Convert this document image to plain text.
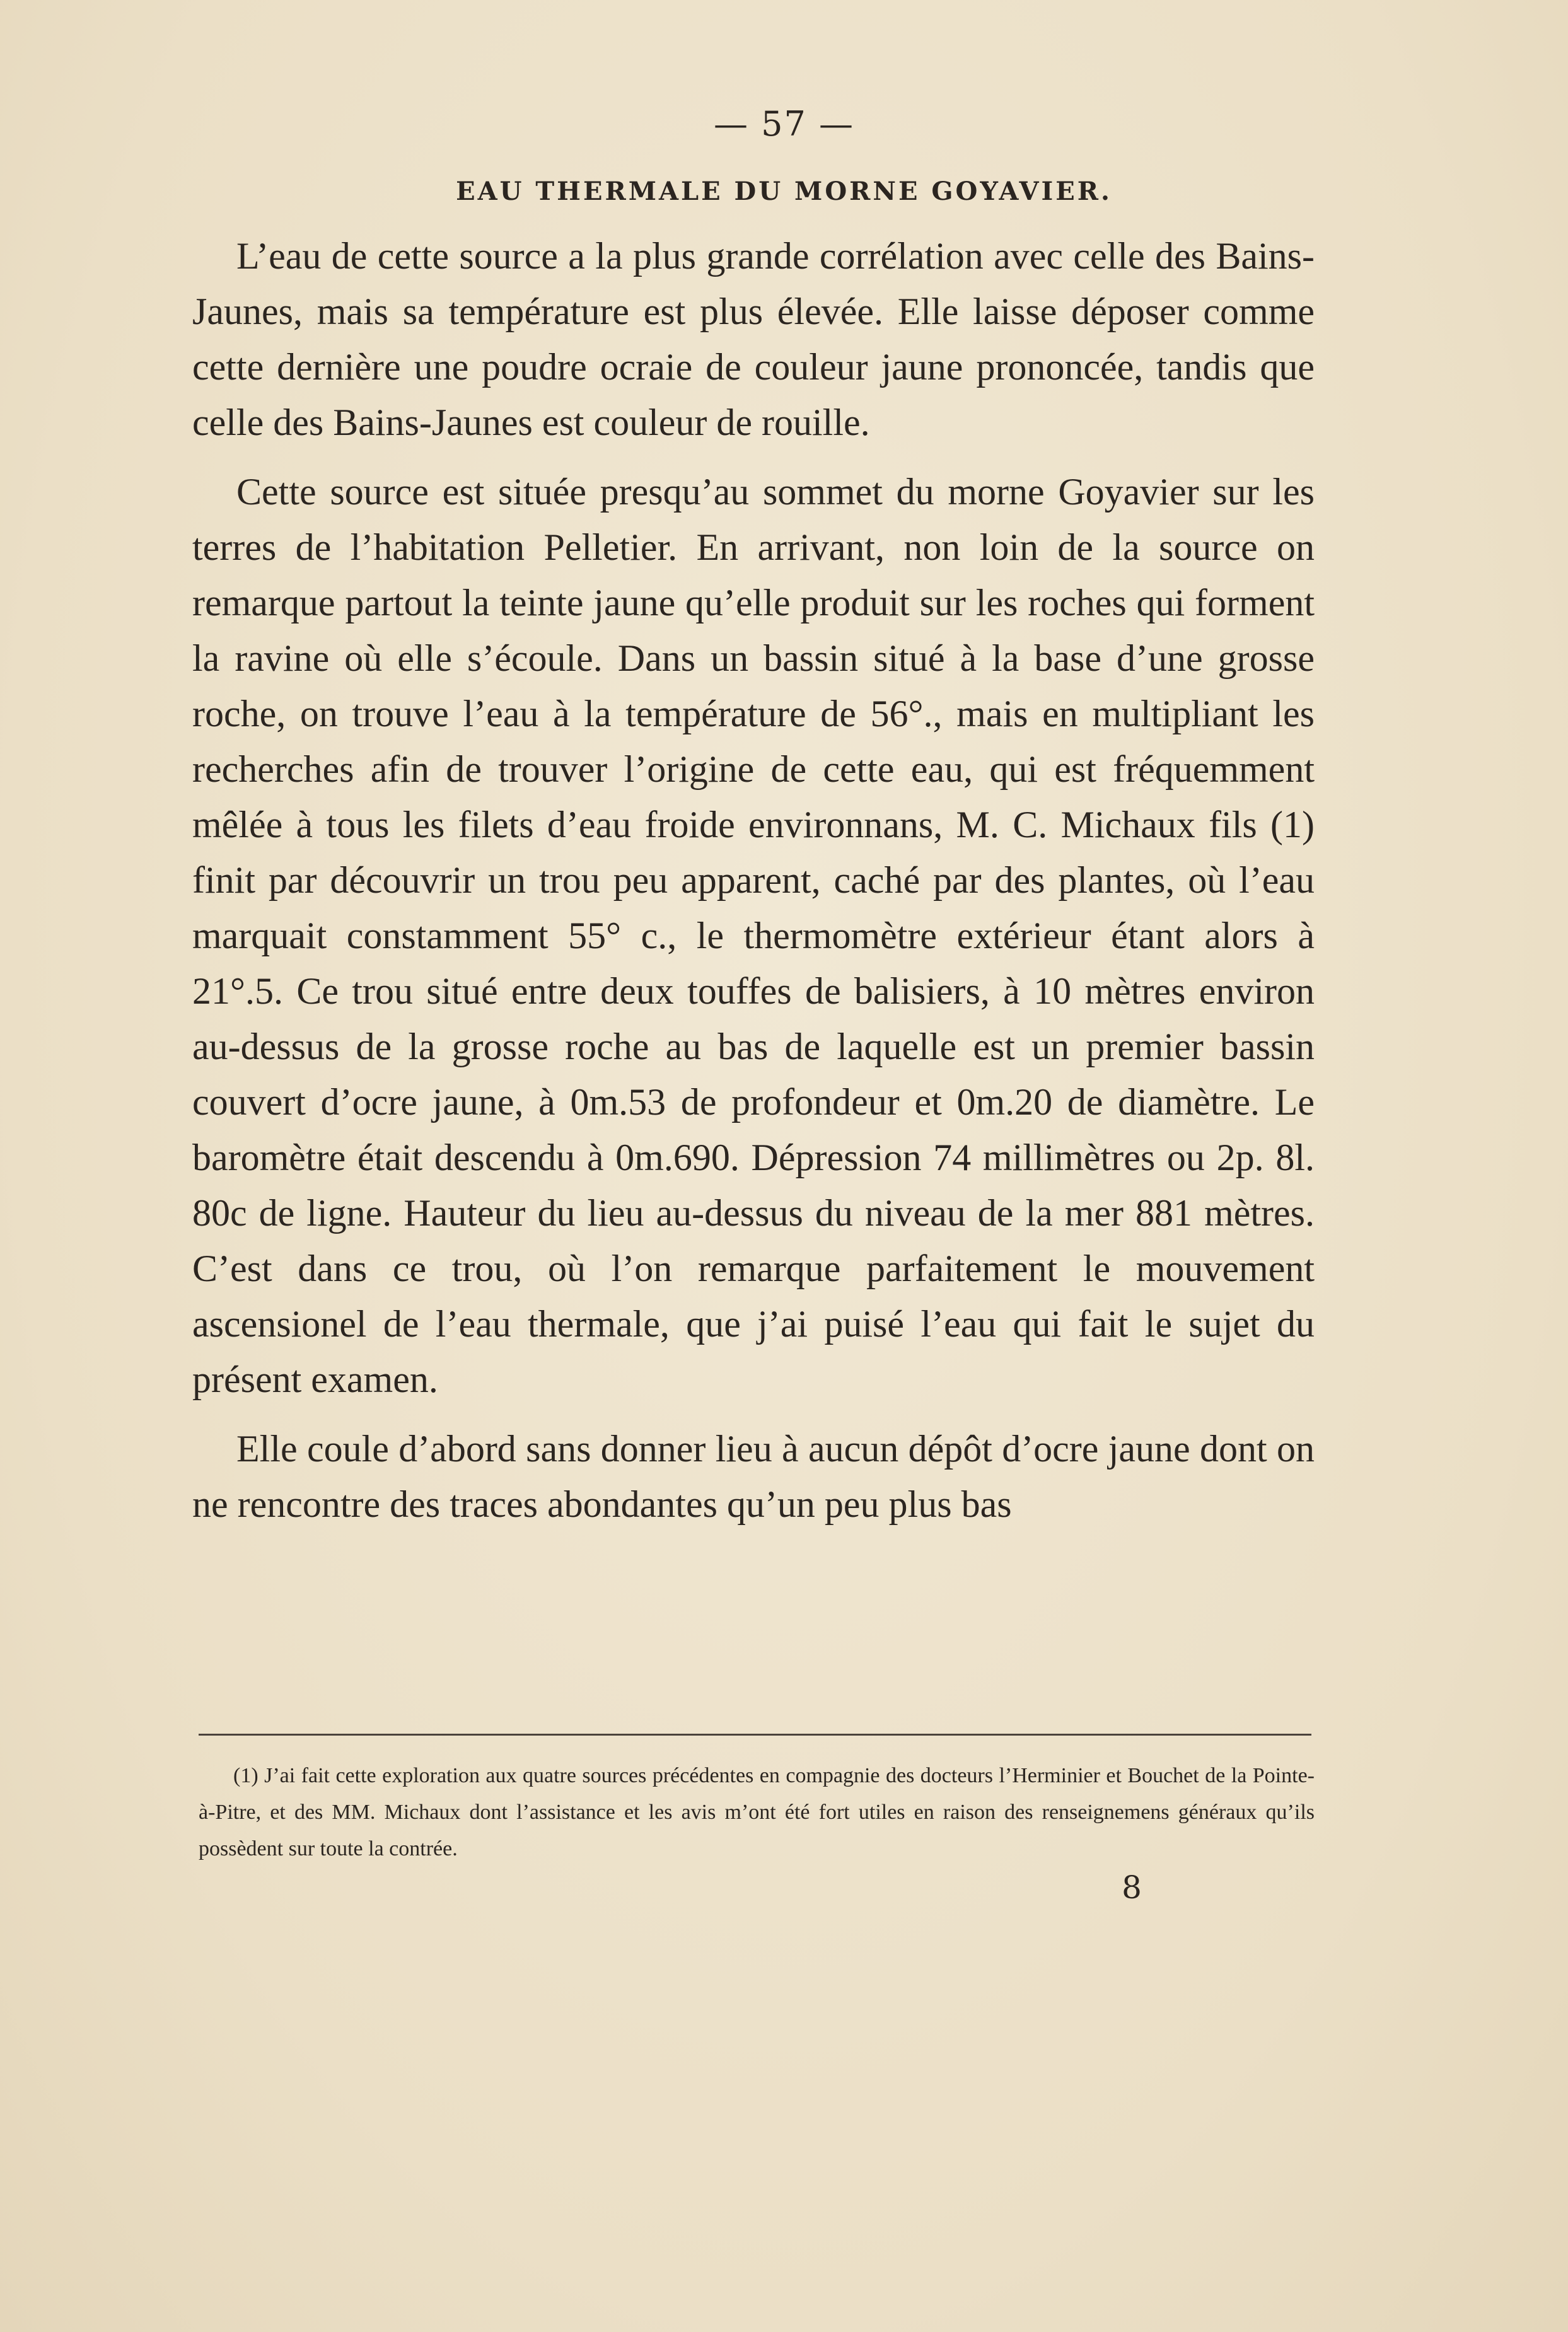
— 57 —
EAU THERMALE DU MORNE GOYAVIER.

L’eau de cette source a la plus grande corrélation avec celle des Bains-Jaunes, mais sa température est plus élevée. Elle laisse déposer comme cette dernière une poudre ocraie de couleur jaune prononcée, tandis que celle des Bains-Jaunes est couleur de rouille.

Cette source est située presqu’au sommet du morne Goyavier sur les terres de l’habitation Pelletier. En arrivant, non loin de la source on remarque partout la teinte jaune qu’elle produit sur les roches qui forment la ravine où elle s’écoule. Dans un bassin situé à la base d’une grosse roche, on trouve l’eau à la température de 56°., mais en multipliant les recherches afin de trouver l’origine de cette eau, qui est fréquemment mêlée à tous les filets d’eau froide environnans, M. C. Michaux fils (1) finit par découvrir un trou peu apparent, caché par des plantes, où l’eau marquait constamment 55° c., le thermomètre extérieur étant alors à 21°.5. Ce trou situé entre deux touffes de balisiers, à 10 mètres environ au-dessus de la grosse roche au bas de laquelle est un premier bassin couvert d’ocre jaune, à 0m.53 de profondeur et 0m.20 de diamètre. Le baromètre était descendu à 0m.690. Dépression 74 millimètres ou 2p. 8l. 80c de ligne. Hauteur du lieu au-dessus du niveau de la mer 881 mètres. C’est dans ce trou, où l’on remarque parfaitement le mouvement ascensionel de l’eau thermale, que j’ai puisé l’eau qui fait le sujet du présent examen.

Elle coule d’abord sans donner lieu à aucun dépôt d’ocre jaune dont on ne rencontre des traces abondantes qu’un peu plus bas

(1) J’ai fait cette exploration aux quatre sources précédentes en compagnie des docteurs l’Herminier et Bouchet de la Pointe-à-Pitre, et des MM. Michaux dont l’assistance et les avis m’ont été fort utiles en raison des renseignemens généraux qu’ils possèdent sur toute la contrée.

8
